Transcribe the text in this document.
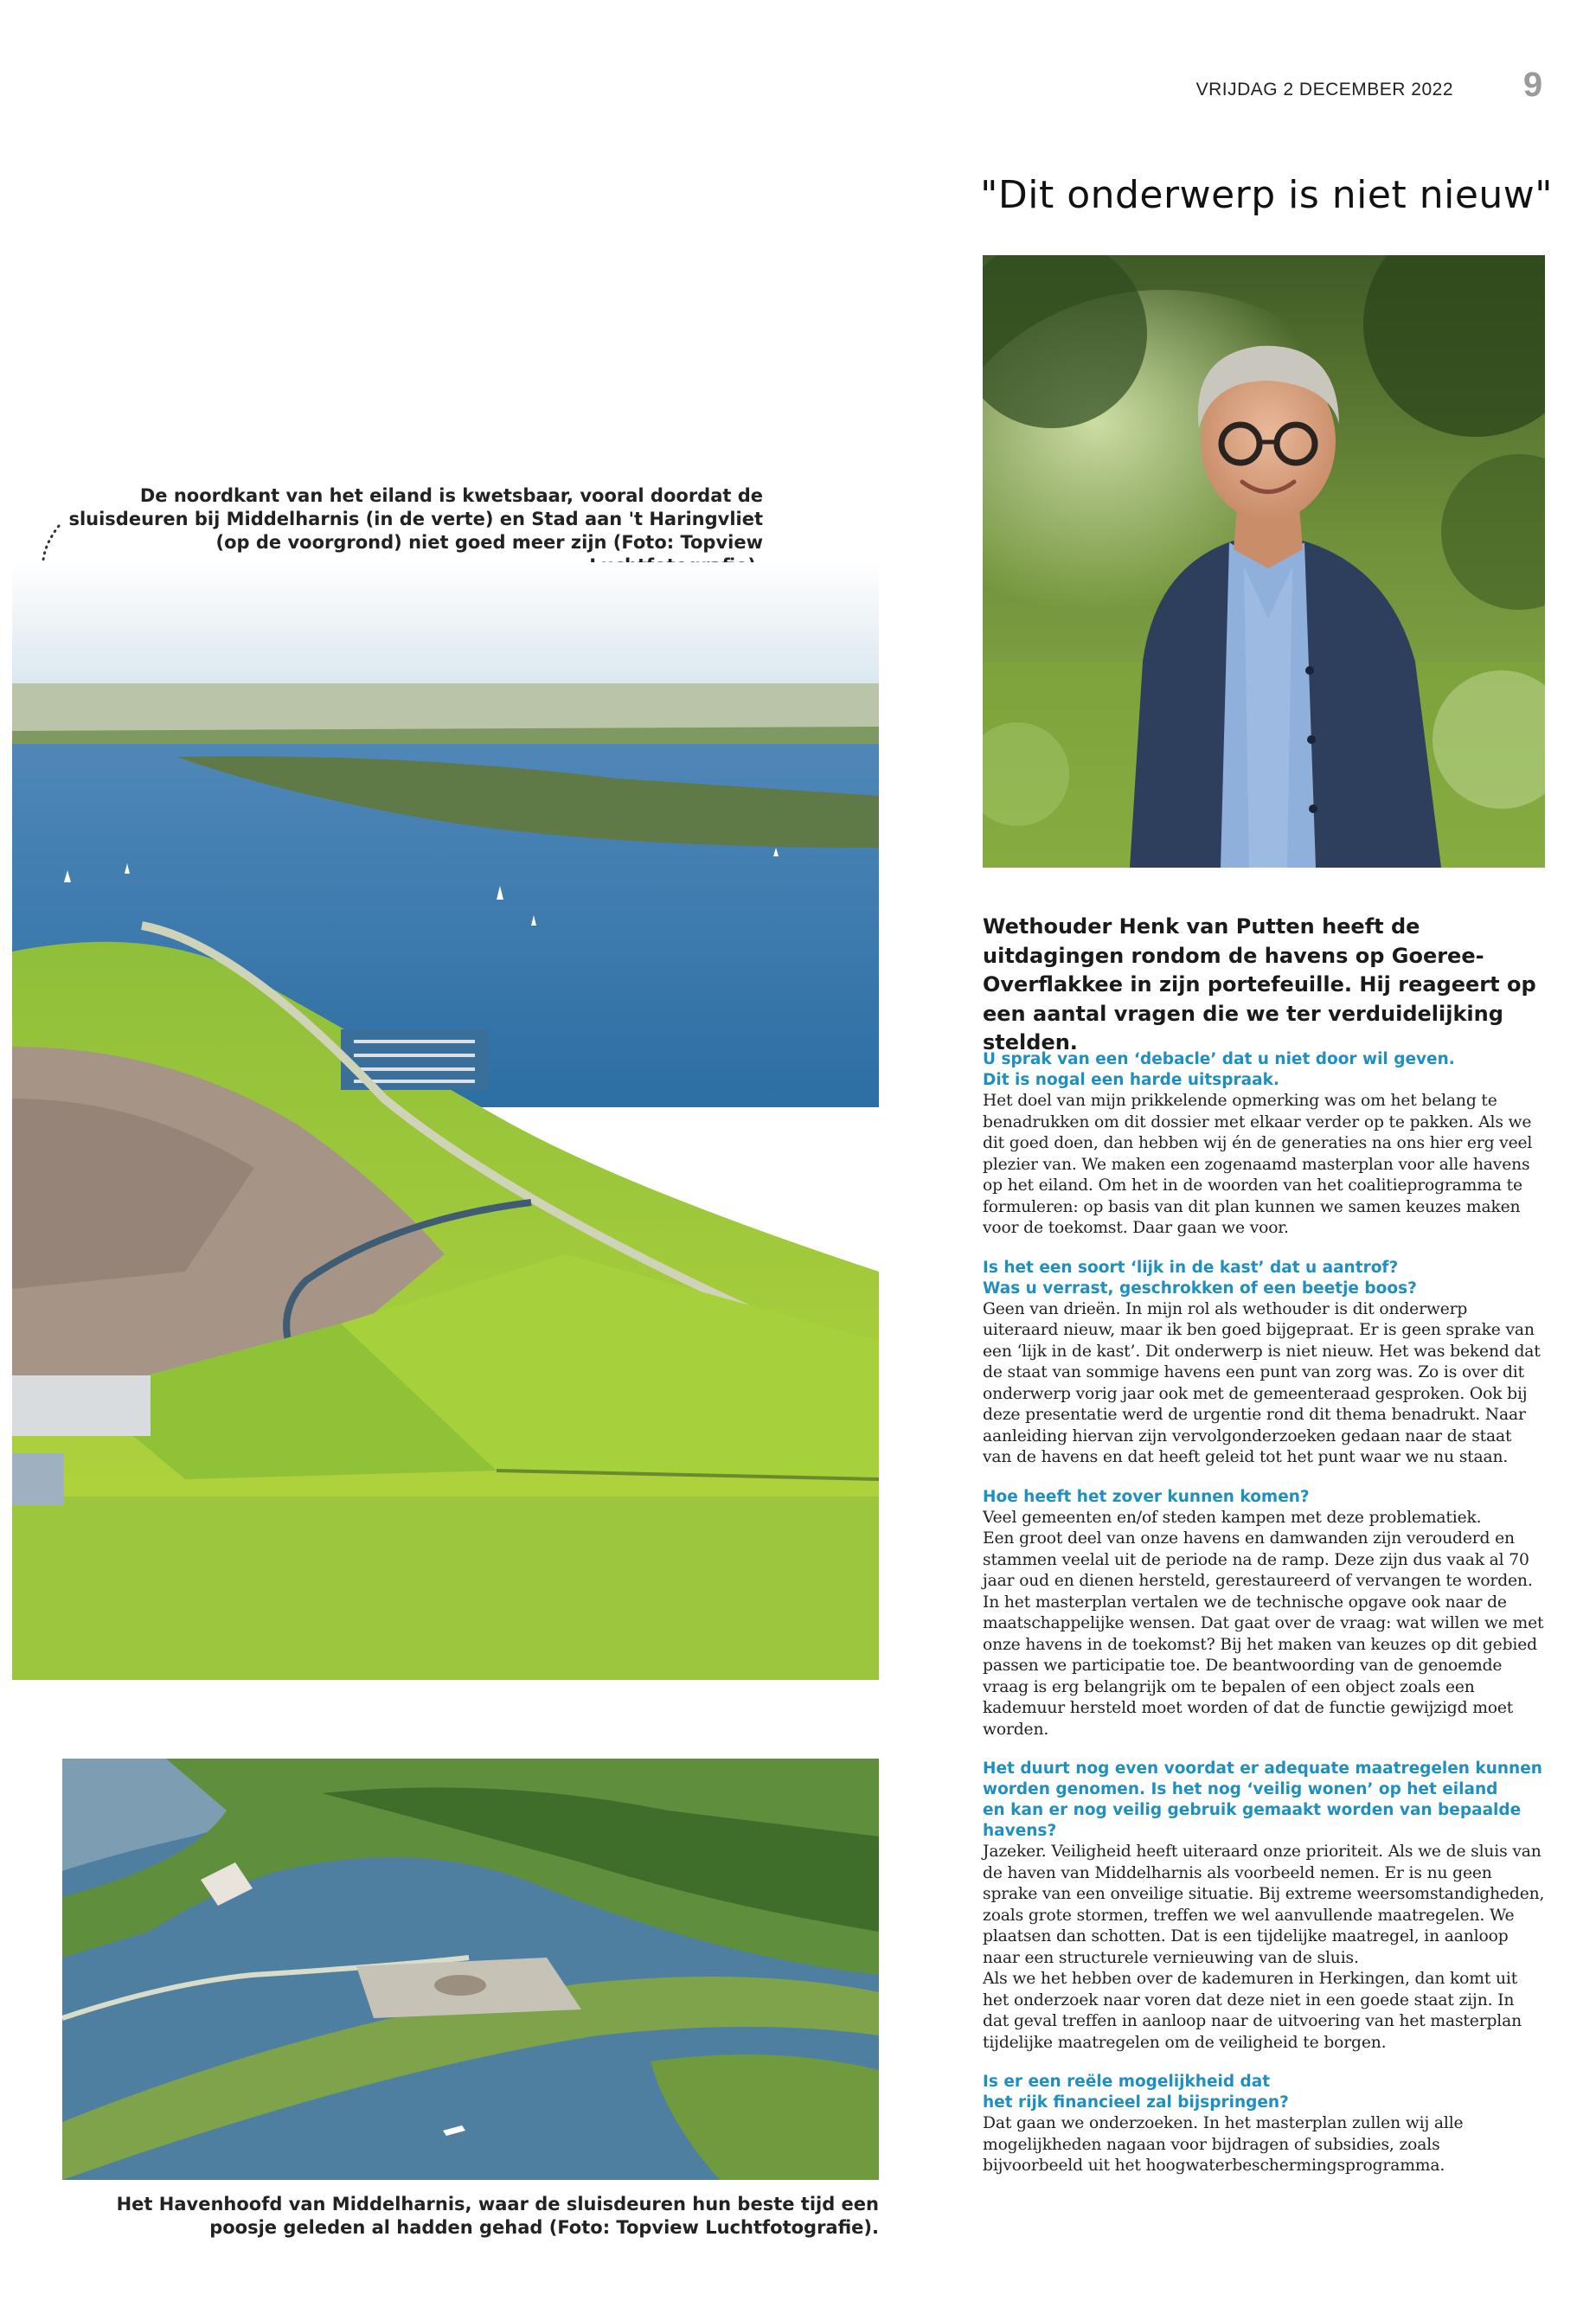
VRIJDAG 2 DECEMBER 2022 9
"Dit onderwerp is niet nieuw"
De noordkant van het eiland is kwetsbaar, vooral doordat de sluisdeuren bij Middelharnis (in de verte) en Stad aan 't Haringvliet (op de voorgrond) niet goed meer zijn (Foto: Topview
Het Havenhoofd van Middelharnis, waar de sluisdeuren hun beste tijd een poosje geleden al hadden gehad (Foto: Topview Luchtfotografie).
Wethouder Henk van Putten heeft de uitdagingen rondom de havens op Goeree-Overflakkee in zijn portefeuille. Hij reageert op een aantal vragen die we ter verduidelijking stelden.
U sprak van een ‘debacle’ dat u niet door wil geven.
Dit is nogal een harde uitspraak.
Het doel van mijn prikkelende opmerking was om het belang te benadrukken om dit dossier met elkaar verder op te pakken. Als we dit goed doen, dan hebben wij én de generaties na ons hier erg veel plezier van. We maken een zogenaamd masterplan voor alle havens op het eiland. Om het in de woorden van het coalitieprogramma te formuleren: op basis van dit plan kunnen we samen keuzes maken voor de toekomst. Daar gaan we voor.
Is het een soort ‘lijk in de kast’ dat u aantrof?
Was u verrast, geschrokken of een beetje boos?
Geen van drieën. In mijn rol als wethouder is dit onderwerp uiteraard nieuw, maar ik ben goed bijgepraat. Er is geen sprake van een ‘lijk in de kast’. Dit onderwerp is niet nieuw. Het was bekend dat de staat van sommige havens een punt van zorg was. Zo is over dit onderwerp vorig jaar ook met de gemeenteraad gesproken. Ook bij deze presentatie werd de urgentie rond dit thema benadrukt. Naar aanleiding hiervan zijn vervolgonderzoeken gedaan naar de staat van de havens en dat heeft geleid tot het punt waar we nu staan.
Hoe heeft het zover kunnen komen?
Veel gemeenten en/of steden kampen met deze problematiek.
Een groot deel van onze havens en damwanden zijn verouderd en stammen veelal uit de periode na de ramp. Deze zijn dus vaak al 70 jaar oud en dienen hersteld, gerestaureerd of vervangen te worden. In het masterplan vertalen we de technische opgave ook naar de maatschappelijke wensen. Dat gaat over de vraag: wat willen we met onze havens in de toekomst? Bij het maken van keuzes op dit gebied passen we participatie toe. De beantwoording van de genoemde vraag is erg belangrijk om te bepalen of een object zoals een kademuur hersteld moet worden of dat de functie gewijzigd moet worden.
Het duurt nog even voordat er adequate maatregelen kunnen worden genomen. Is het nog ‘veilig wonen’ op het eiland
en kan er nog veilig gebruik gemaakt worden van bepaalde havens?
Jazeker. Veiligheid heeft uiteraard onze prioriteit. Als we de sluis van de haven van Middelharnis als voorbeeld nemen. Er is nu geen sprake van een onveilige situatie. Bij extreme weersomstandigheden, zoals grote stormen, treffen we wel aanvullende maatregelen. We plaatsen dan schotten. Dat is een tijdelijke maatregel, in aanloop naar een structurele vernieuwing van de sluis.
Als we het hebben over de kademuren in Herkingen, dan komt uit het onderzoek naar voren dat deze niet in een goede staat zijn. In dat geval treffen in aanloop naar de uitvoering van het masterplan tijdelijke maatregelen om de veiligheid te borgen.
Is er een reële mogelijkheid dat
het rijk financieel zal bijspringen?
Dat gaan we onderzoeken. In het masterplan zullen wij alle mogelijkheden nagaan voor bijdragen of subsidies, zoals bijvoorbeeld uit het hoogwaterbeschermingsprogramma.
